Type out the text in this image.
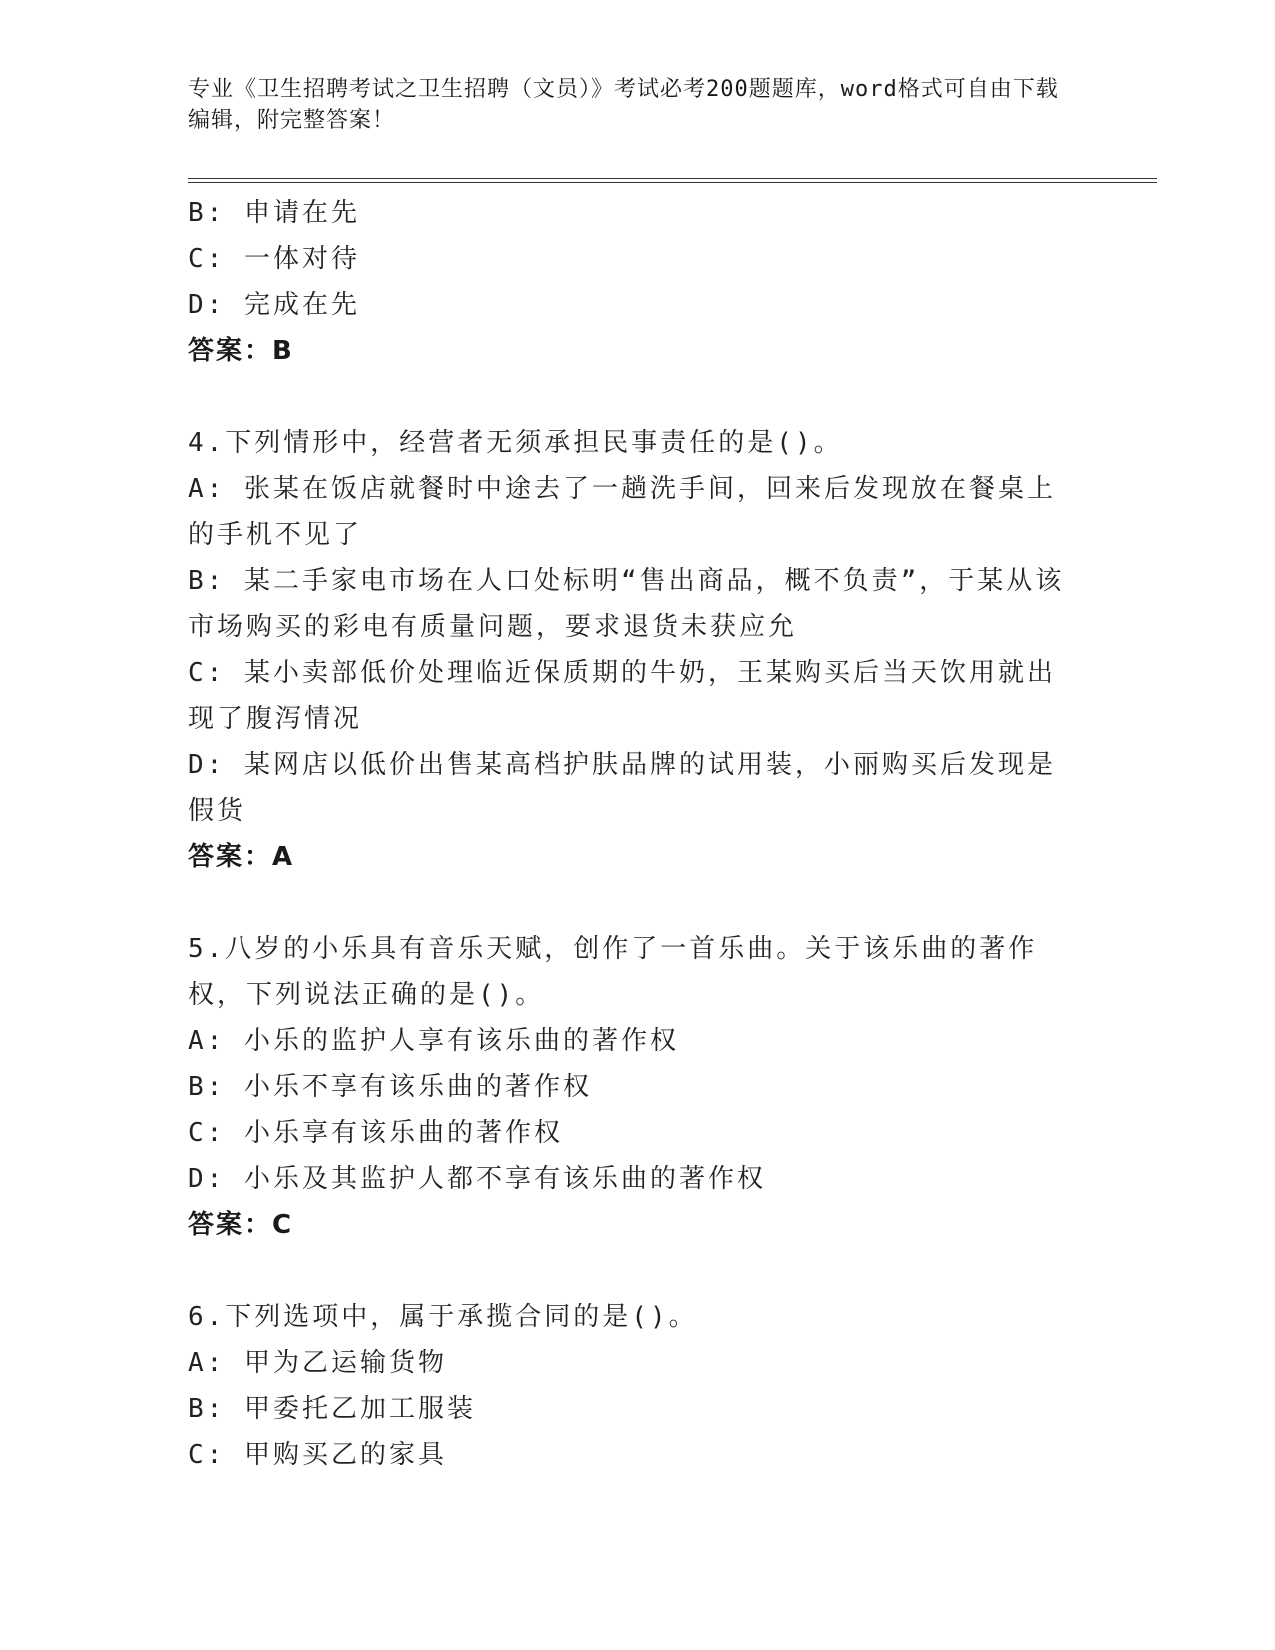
专业《卫生招聘考试之卫生招聘（文员）》考试必考200题题库，word格式可自由下载编辑，附完整答案！
B: 申请在先
C: 一体对待
D: 完成在先
答案：B
4.下列情形中，经营者无须承担民事责任的是()。
A: 张某在饭店就餐时中途去了一趟洗手间，回来后发现放在餐桌上的手机不见了
B: 某二手家电市场在人口处标明“售出商品，概不负责”，于某从该市场购买的彩电有质量问题，要求退货未获应允
C: 某小卖部低价处理临近保质期的牛奶，王某购买后当天饮用就出现了腹泻情况
D: 某网店以低价出售某高档护肤品牌的试用装，小丽购买后发现是假货
答案：A
5.八岁的小乐具有音乐天赋，创作了一首乐曲。关于该乐曲的著作权，下列说法正确的是()。
A: 小乐的监护人享有该乐曲的著作权
B: 小乐不享有该乐曲的著作权
C: 小乐享有该乐曲的著作权
D: 小乐及其监护人都不享有该乐曲的著作权
答案：C
6.下列选项中，属于承揽合同的是()。
A: 甲为乙运输货物
B: 甲委托乙加工服装
C: 甲购买乙的家具
